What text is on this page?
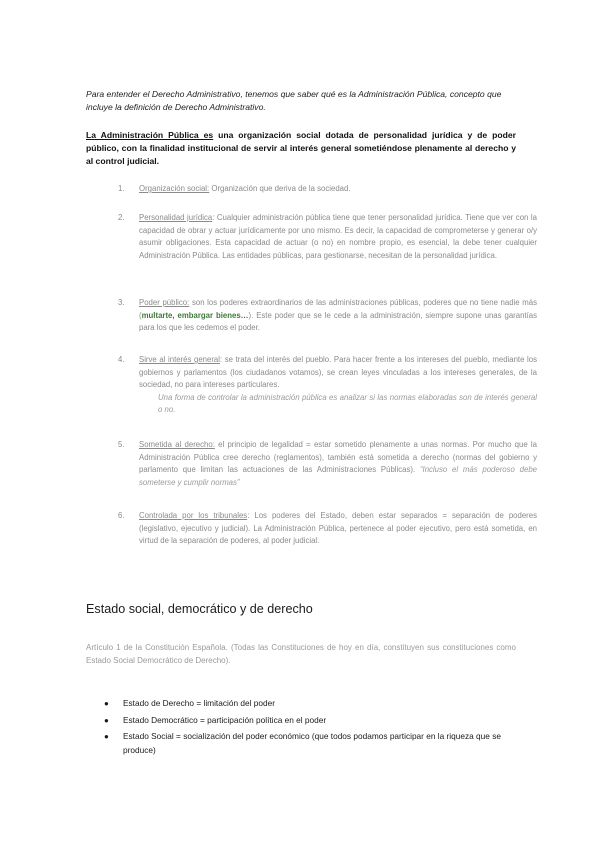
Para entender el Derecho Administrativo, tenemos que saber qué es la Administración Pública, concepto que incluye la definición de Derecho Administrativo.

La Administración Pública es una organización social dotada de personalidad jurídica y de poder público, con la finalidad institucional de servir al interés general sometiéndose plenamente al derecho y al control judicial.

1. Organización social: Organización que deriva de la sociedad.
2. Personalidad jurídica: Cualquier administración pública tiene que tener personalidad jurídica. Tiene que ver con la capacidad de obrar y actuar jurídicamente por uno mismo. Es decir, la capacidad de comprometerse y generar o/y asumir obligaciones. Esta capacidad de actuar (o no) en nombre propio, es esencial, la debe tener cualquier Administración Pública. Las entidades públicas, para gestionarse, necesitan de la personalidad jurídica.
3. Poder público: son los poderes extraordinarios de las administraciones públicas, poderes que no tiene nadie más (multarte, embargar bienes…). Este poder que se le cede a la administración, siempre supone unas garantías para los que les cedemos el poder.
4. Sirve al interés general: se trata del interés del pueblo. Para hacer frente a los intereses del pueblo, mediante los gobiernos y parlamentos (los ciudadanos votamos), se crean leyes vinculadas a los intereses generales, de la sociedad, no para intereses particulares.
Una forma de controlar la administración pública es analizar si las normas elaboradas son de interés general o no.
5. Sometida al derecho: el principio de legalidad = estar sometido plenamente a unas normas. Por mucho que la Administración Pública cree derecho (reglamentos), también está sometida a derecho (normas del gobierno y parlamento que limitan las actuaciones de las Administraciones Públicas). “Incluso el más poderoso debe someterse y cumplir normas”
6. Controlada por los tribunales: Los poderes del Estado, deben estar separados = separación de poderes (legislativo, ejecutivo y judicial). La Administración Pública, pertenece al poder ejecutivo, pero está sometida, en virtud de la separación de poderes, al poder judicial.
Estado social, democrático y de derecho

Artículo 1 de la Constitución Española. (Todas las Constituciones de hoy en día, constituyen sus constituciones como Estado Social Democrático de Derecho).

● Estado de Derecho = limitación del poder
● Estado Democrático = participación política en el poder
● Estado Social = socialización del poder económico (que todos podamos participar en la riqueza que se produce)
